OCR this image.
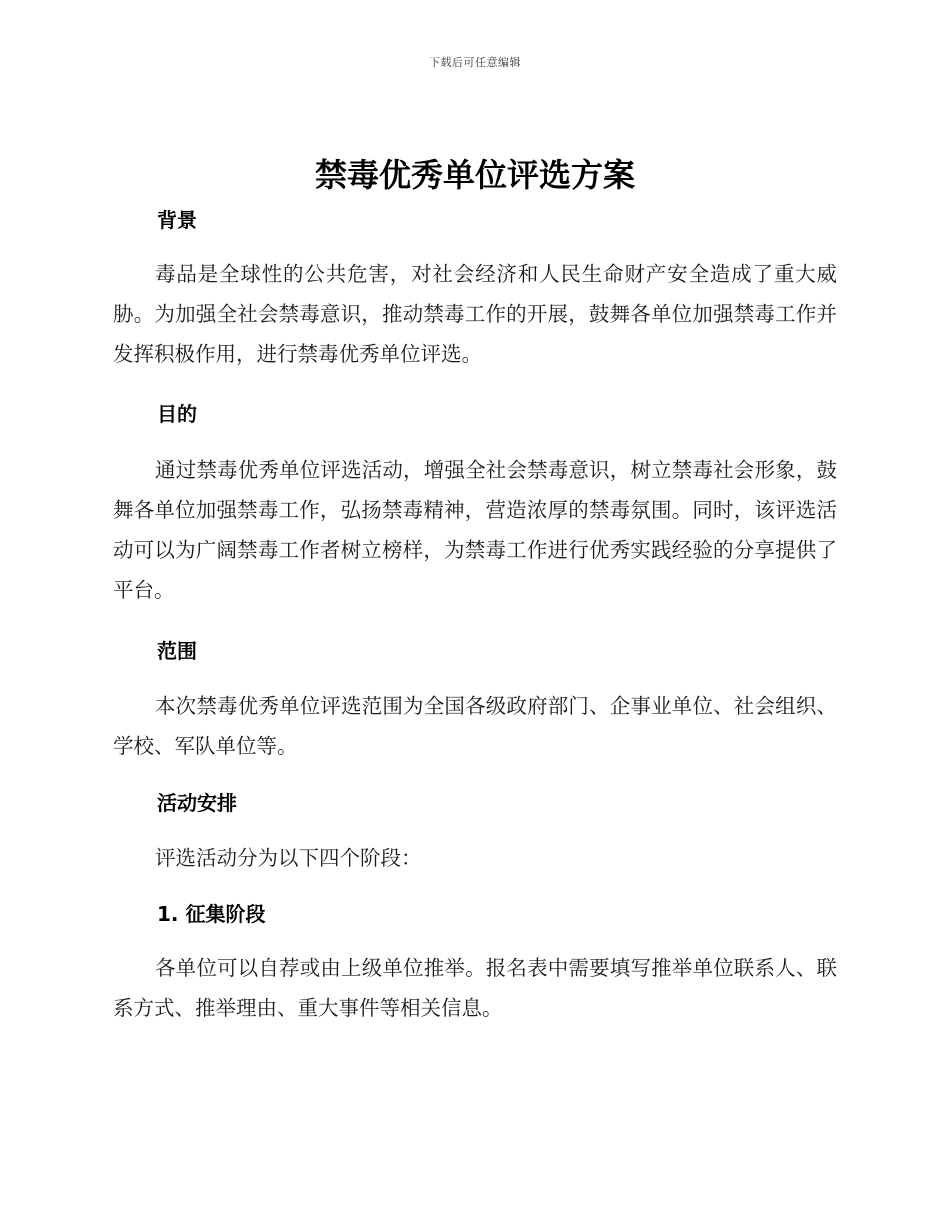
下载后可任意编辑
禁毒优秀单位评选方案
背景

毒品是全球性的公共危害，对社会经济和人民生命财产安全造成了重大威胁。为加强全社会禁毒意识，推动禁毒工作的开展，鼓舞各单位加强禁毒工作并发挥积极作用，进行禁毒优秀单位评选。

目的

通过禁毒优秀单位评选活动，增强全社会禁毒意识，树立禁毒社会形象，鼓舞各单位加强禁毒工作，弘扬禁毒精神，营造浓厚的禁毒氛围。同时，该评选活动可以为广阔禁毒工作者树立榜样，为禁毒工作进行优秀实践经验的分享提供了平台。

范围

本次禁毒优秀单位评选范围为全国各级政府部门、企事业单位、社会组织、学校、军队单位等。

活动安排

评选活动分为以下四个阶段：

1. 征集阶段

各单位可以自荐或由上级单位推举。报名表中需要填写推举单位联系人、联系方式、推举理由、重大事件等相关信息。
